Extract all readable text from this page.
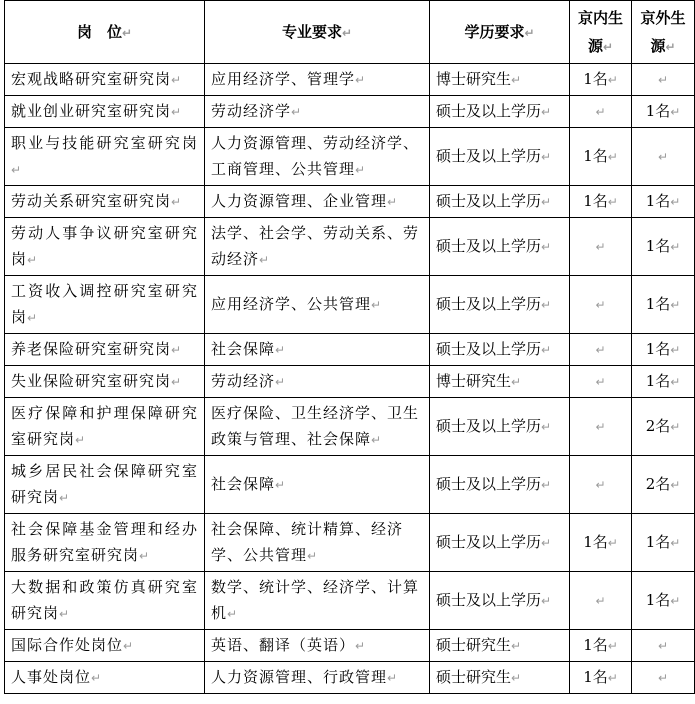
岗　位↵	专业要求↵	学历要求↵	京内生源↵	京外生源↵
宏观战略研究室研究岗↵	应用经济学、管理学↵	博士研究生↵	1名↵	↵
就业创业研究室研究岗↵	劳动经济学↵	硕士及以上学历↵	↵	1名↵
职业与技能研究室研究岗↵	人力资源管理、劳动经济学、工商管理、公共管理↵	硕士及以上学历↵	1名↵	↵
劳动关系研究室研究岗↵	人力资源管理、企业管理↵	硕士及以上学历↵	1名↵	1名↵
劳动人事争议研究室研究岗↵	法学、社会学、劳动关系、劳动经济↵	硕士及以上学历↵	↵	1名↵
工资收入调控研究室研究岗↵	应用经济学、公共管理↵	硕士及以上学历↵	↵	1名↵
养老保险研究室研究岗↵	社会保障↵	硕士及以上学历↵	↵	1名↵
失业保险研究室研究岗↵	劳动经济↵	博士研究生↵	↵	1名↵
医疗保障和护理保障研究室研究岗↵	医疗保险、卫生经济学、卫生政策与管理、社会保障↵	硕士及以上学历↵	↵	2名↵
城乡居民社会保障研究室研究岗↵	社会保障↵	硕士及以上学历↵	↵	2名↵
社会保障基金管理和经办服务研究室研究岗↵	社会保障、统计精算、经济学、公共管理↵	硕士及以上学历↵	1名↵	1名↵
大数据和政策仿真研究室研究岗↵	数学、统计学、经济学、计算机↵	硕士及以上学历↵	↵	1名↵
国际合作处岗位↵	英语、翻译（英语）↵	硕士研究生↵	1名↵	↵
人事处岗位↵	人力资源管理、行政管理↵	硕士研究生↵	1名↵	↵
